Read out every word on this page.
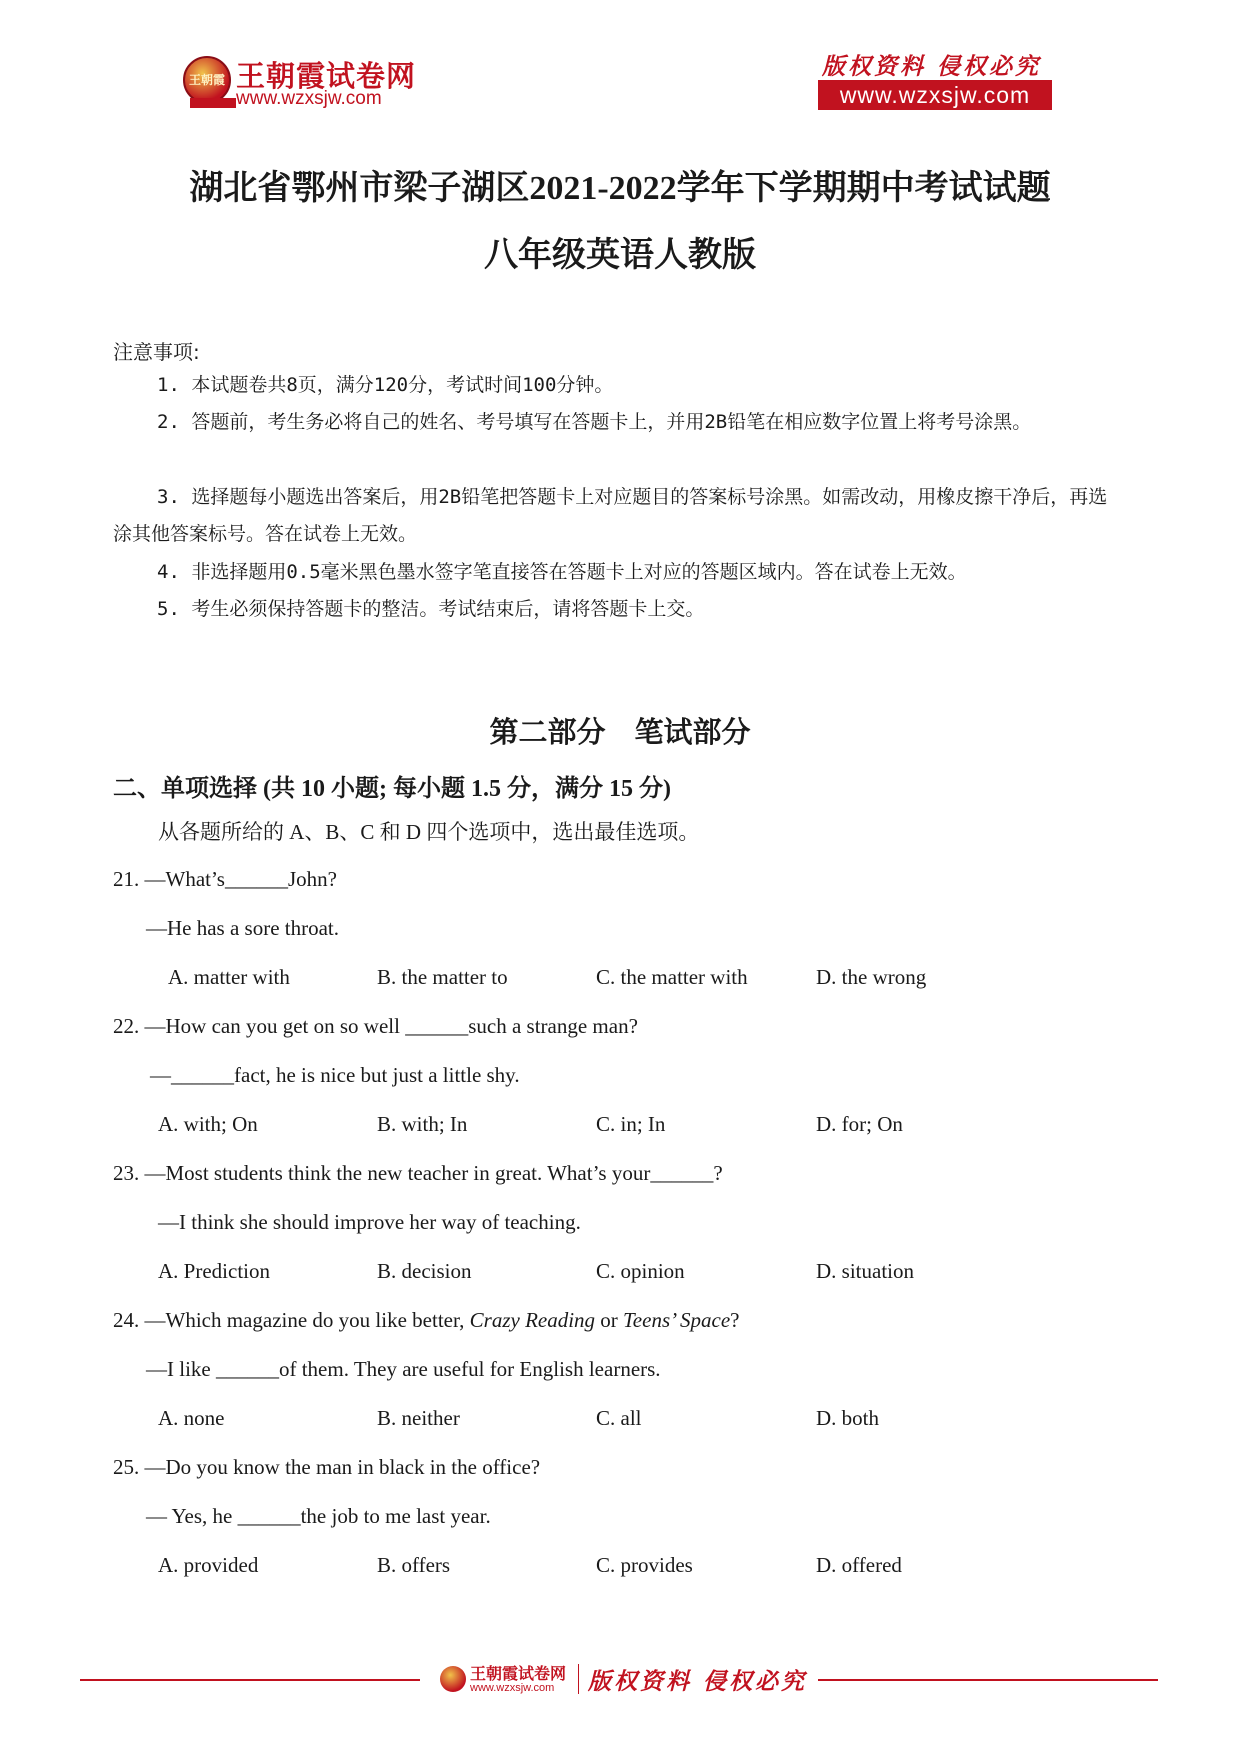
王朝霞 王朝霞试卷网
www.wzxsjw.com
版权资料 侵权必究
www.wzxsjw.com
湖北省鄂州市梁子湖区2021-2022学年下学期期中考试试题
八年级英语人教版
注意事项:
1. 本试题卷共8页，满分120分，考试时间100分钟。
2. 答题前，考生务必将自己的姓名、考号填写在答题卡上，并用2B铅笔在相应数字位置上将考号涂黑。
3. 选择题每小题选出答案后，用2B铅笔把答题卡上对应题目的答案标号涂黑。如需改动，用橡皮擦干净后，再选涂其他答案标号。答在试卷上无效。
4. 非选择题用0.5毫米黑色墨水签字笔直接答在答题卡上对应的答题区域内。答在试卷上无效。
5. 考生必须保持答题卡的整洁。考试结束后，请将答题卡上交。
第二部分　笔试部分
二、单项选择 (共 10 小题; 每小题 1.5 分，满分 15 分)
从各题所给的 A、B、C 和 D 四个选项中，选出最佳选项。
21. —What’s______John?
—He has a sore throat.
A. matter with	B. the matter to	C. the matter with	D. the wrong
22. —How can you get on so well ______such a strange man?
—______fact, he is nice but just a little shy.
A. with; On	B. with; In	C. in; In	D. for; On
23. —Most students think the new teacher in great. What’s your______?
—I think she should improve her way of teaching.
A. Prediction	B. decision	C. opinion	D. situation
24. —Which magazine do you like better, Crazy Reading or Teens’ Space?
—I like ______of them. They are useful for English learners.
A. none	B. neither	C. all	D. both
25. —Do you know the man in black in the office?
— Yes, he ______the job to me last year.
A. provided	B. offers	C. provides	D. offered
王朝霞试卷网
www.wzxsjw.com 版权资料 侵权必究
